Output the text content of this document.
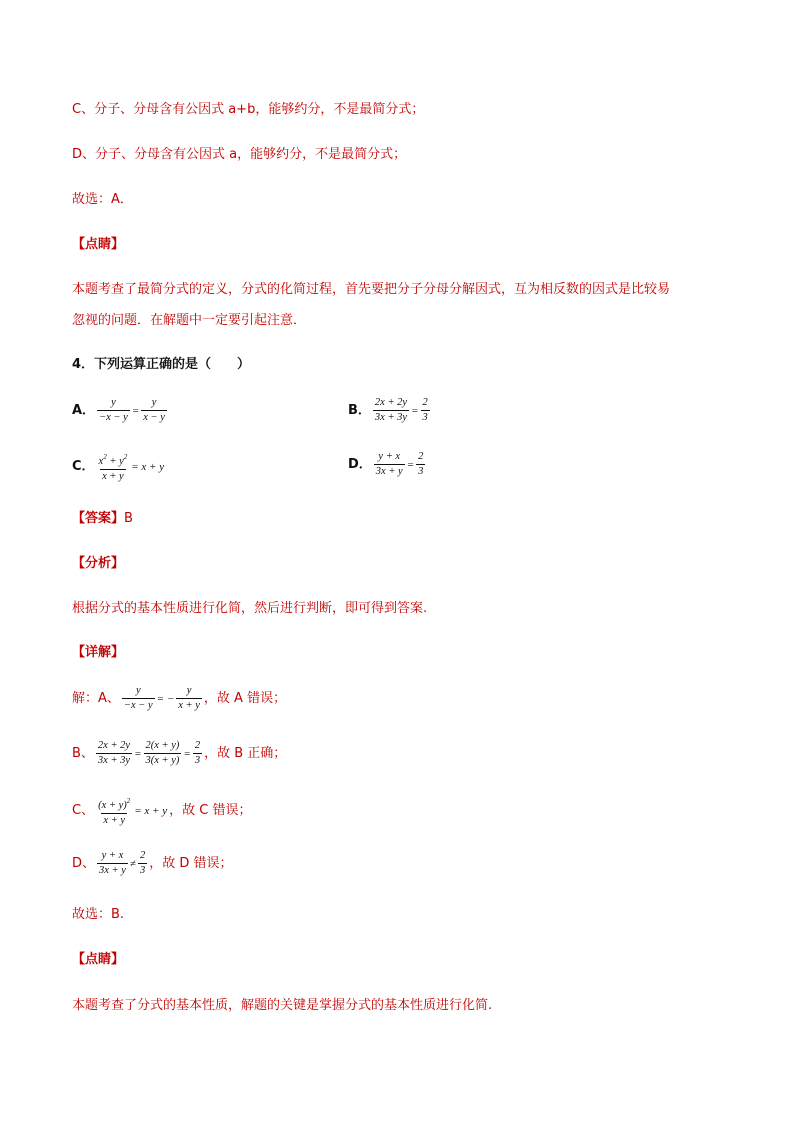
C、分子、分母含有公因式 a+b，能够约分，不是最简分式；
D、分子、分母含有公因式 a，能够约分，不是最简分式；
故选：A．
【点睛】
本题考查了最简分式的定义，分式的化简过程，首先要把分子分母分解因式，互为相反数的因式是比较易
忽视的问题．在解题中一定要引起注意．
4．下列运算正确的是（　　）
A． $\frac{y}{-x - y} = \frac{y}{x - y}$	B． $\frac{2x + 2y}{3x + 3y} = \frac{2}{3}$
C． $\frac{x^2 + y^2}{x + y} = x + y$	D． $\frac{y + x}{3x + y} = \frac{2}{3}$
【答案】B
【分析】
根据分式的基本性质进行化简，然后进行判断，即可得到答案.
【详解】
解：A、 $\frac{y}{-x - y}$ = − $\frac{y}{x + y}$ ，故 A 错误；
B、 $\frac{2x + 2y}{3x + 3y} = \frac{2(x + y)}{3(x + y)} = \frac{2}{3}$ ，故 B 正确；
C、 $\frac{(x + y)^2}{x + y} = x + y$ ，故 C 错误；
D、 $\frac{y + x}{3x + y} \ne \frac{2}{3}$ ，故 D 错误；
故选：B.
【点睛】
本题考查了分式的基本性质，解题的关键是掌握分式的基本性质进行化简.
